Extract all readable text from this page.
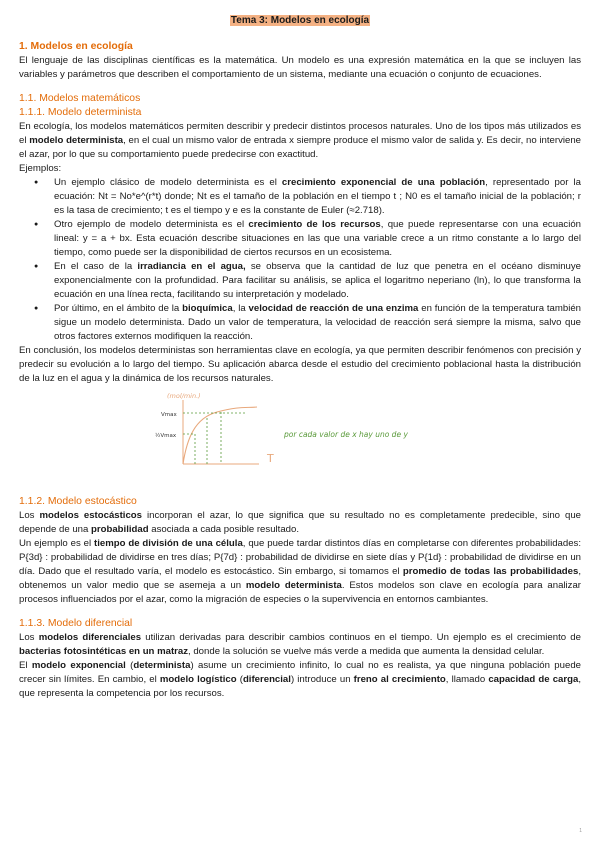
Tema 3: Modelos en ecología
1. Modelos en ecología

El lenguaje de las disciplinas científicas es la matemática. Un modelo es una expresión matemática en la que se incluyen las variables y parámetros que describen el comportamiento de un sistema, mediante una ecuación o conjunto de ecuaciones.

1.1. Modelos matemáticos
1.1.1. Modelo determinista

En ecología, los modelos matemáticos permiten describir y predecir distintos procesos naturales. Uno de los tipos más utilizados es el modelo determinista, en el cual un mismo valor de entrada x siempre produce el mismo valor de salida y. Es decir, no interviene el azar, por lo que su comportamiento puede predecirse con exactitud.

Ejemplos:

● Un ejemplo clásico de modelo determinista es el crecimiento exponencial de una población, representado por la ecuación: Nt = No*e^(r*t) donde; Nt es el tamaño de la población en el tiempo t ; N0 es el tamaño inicial de la población; r es la tasa de crecimiento; t es el tiempo y e es la constante de Euler (≈2.718).
● Otro ejemplo de modelo determinista es el crecimiento de los recursos, que puede representarse con una ecuación lineal: y = a + bx. Esta ecuación describe situaciones en las que una variable crece a un ritmo constante a lo largo del tiempo, como puede ser la disponibilidad de ciertos recursos en un ecosistema.
● En el caso de la irradiancia en el agua, se observa que la cantidad de luz que penetra en el océano disminuye exponencialmente con la profundidad. Para facilitar su análisis, se aplica el logaritmo neperiano (ln), lo que transforma la ecuación en una línea recta, facilitando su interpretación y modelado.
● Por último, en el ámbito de la bioquímica, la velocidad de reacción de una enzima en función de la temperatura también sigue un modelo determinista. Dado un valor de temperatura, la velocidad de reacción será siempre la misma, salvo que otros factores externos modifiquen la reacción.

En conclusión, los modelos deterministas son herramientas clave en ecología, ya que permiten describir fenómenos con precisión y predecir su evolución a lo largo del tiempo. Su aplicación abarca desde el estudio del crecimiento poblacional hasta la distribución de la luz en el agua y la dinámica de los recursos naturales.

(mol/min.)
Vmax
½Vmax
T
por cada valor de x hay uno de y
1.1.2. Modelo estocástico

Los modelos estocásticos incorporan el azar, lo que significa que su resultado no es completamente predecible, sino que depende de una probabilidad asociada a cada posible resultado.

Un ejemplo es el tiempo de división de una célula, que puede tardar distintos días en completarse con diferentes probabilidades: P{3d} : probabilidad de dividirse en tres días; P{7d} : probabilidad de dividirse en siete días y P{1d} : probabilidad de dividirse en un día. Dado que el resultado varía, el modelo es estocástico. Sin embargo, si tomamos el promedio de todas las probabilidades, obtenemos un valor medio que se asemeja a un modelo determinista. Estos modelos son clave en ecología para analizar procesos influenciados por el azar, como la migración de especies o la supervivencia en entornos cambiantes.

1.1.3. Modelo diferencial

Los modelos diferenciales utilizan derivadas para describir cambios continuos en el tiempo. Un ejemplo es el crecimiento de bacterias fotosintéticas en un matraz, donde la solución se vuelve más verde a medida que aumenta la densidad celular.

El modelo exponencial (determinista) asume un crecimiento infinito, lo cual no es realista, ya que ninguna población puede crecer sin límites. En cambio, el modelo logístico (diferencial) introduce un freno al crecimiento, llamado capacidad de carga, que representa la competencia por los recursos.

1
